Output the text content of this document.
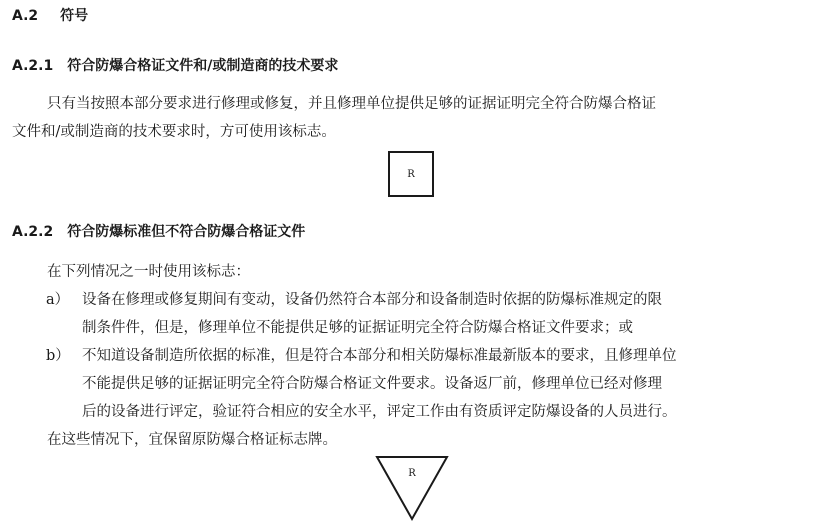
A.2 符号
A.2.1 符合防爆合格证文件和/或制造商的技术要求
只有当按照本部分要求进行修理或修复，并且修理单位提供足够的证据证明完全符合防爆合格证
文件和/或制造商的技术要求时，方可使用该标志。
R
A.2.2 符合防爆标准但不符合防爆合格证文件
在下列情况之一时使用该标志：
a） 设备在修理或修复期间有变动，设备仍然符合本部分和设备制造时依据的防爆标准规定的限
制条件件，但是，修理单位不能提供足够的证据证明完全符合防爆合格证文件要求；或
b） 不知道设备制造所依据的标准，但是符合本部分和相关防爆标准最新版本的要求，且修理单位
不能提供足够的证据证明完全符合防爆合格证文件要求。设备返厂前，修理单位已经对修理
后的设备进行评定，验证符合相应的安全水平，评定工作由有资质评定防爆设备的人员进行。
在这些情况下，宜保留原防爆合格证标志牌。
R
